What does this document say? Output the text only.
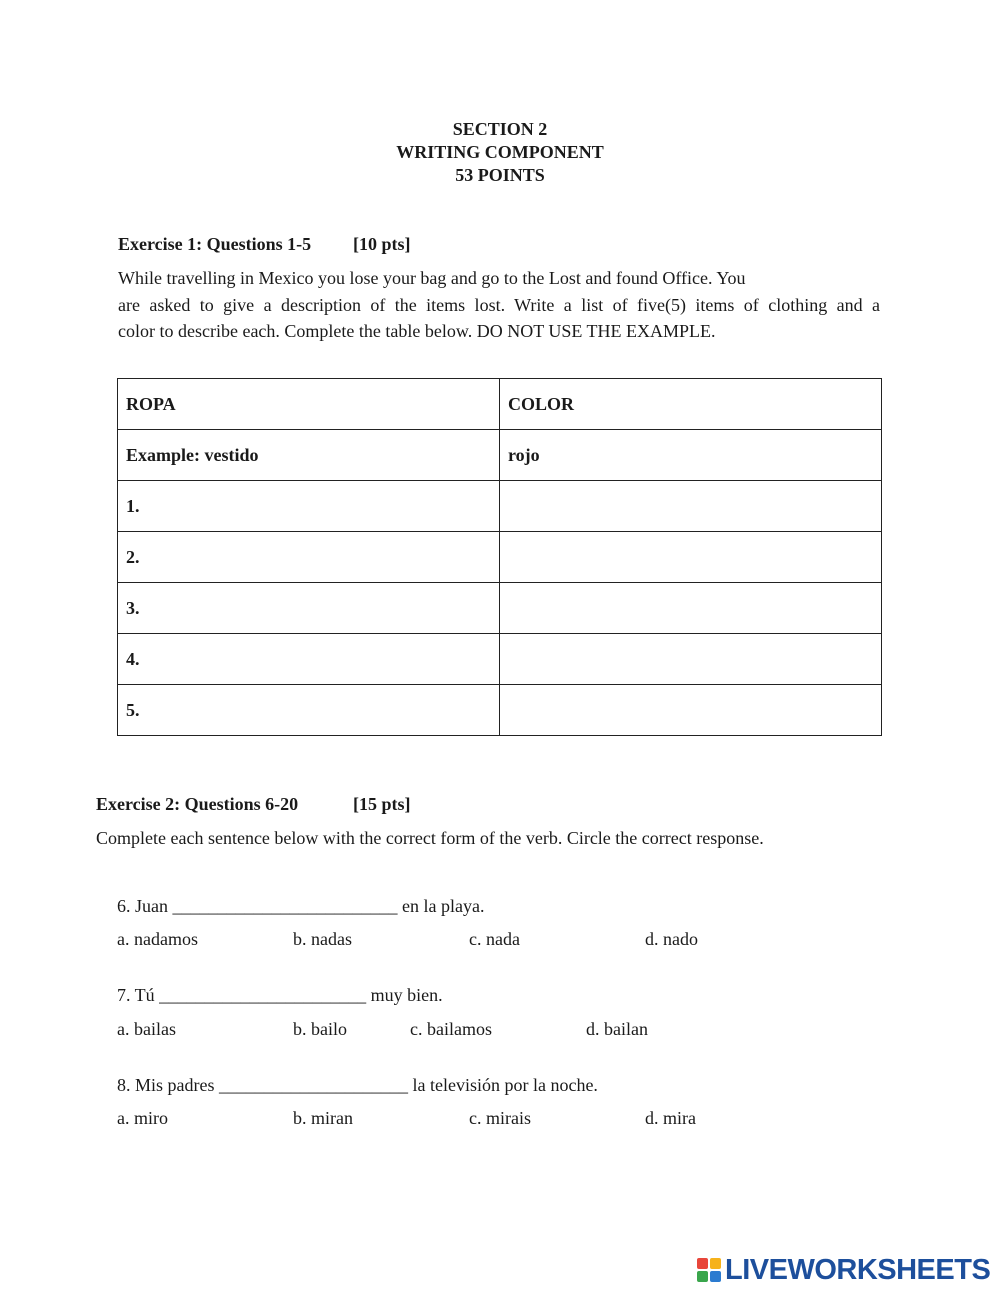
SECTION 2
WRITING COMPONENT
53 POINTS
Exercise 1: Questions 1-5 [10 pts]
While travelling in Mexico you lose your bag and go to the Lost and found Office. You
are asked to give a description of the items lost. Write a list of five(5) items of clothing and a
color to describe each. Complete the table below. DO NOT USE THE EXAMPLE.
ROPA	COLOR
Example: vestido	rojo
1.	
2.	
3.	
4.	
5.	
Exercise 2: Questions 6-20	[15 pts]
Complete each sentence below with the correct form of the verb. Circle the correct response.
6. Juan _________________________ en la playa.
a. nadamos	b. nadas	c. nada	d. nado
7. Tú _______________________ muy bien.
a. bailas	b. bailo	c. bailamos	d. bailan
8. Mis padres _____________________ la televisión por la noche.
a. miro	b. miran	c. mirais	d. mira
LIVEWORKSHEETS
